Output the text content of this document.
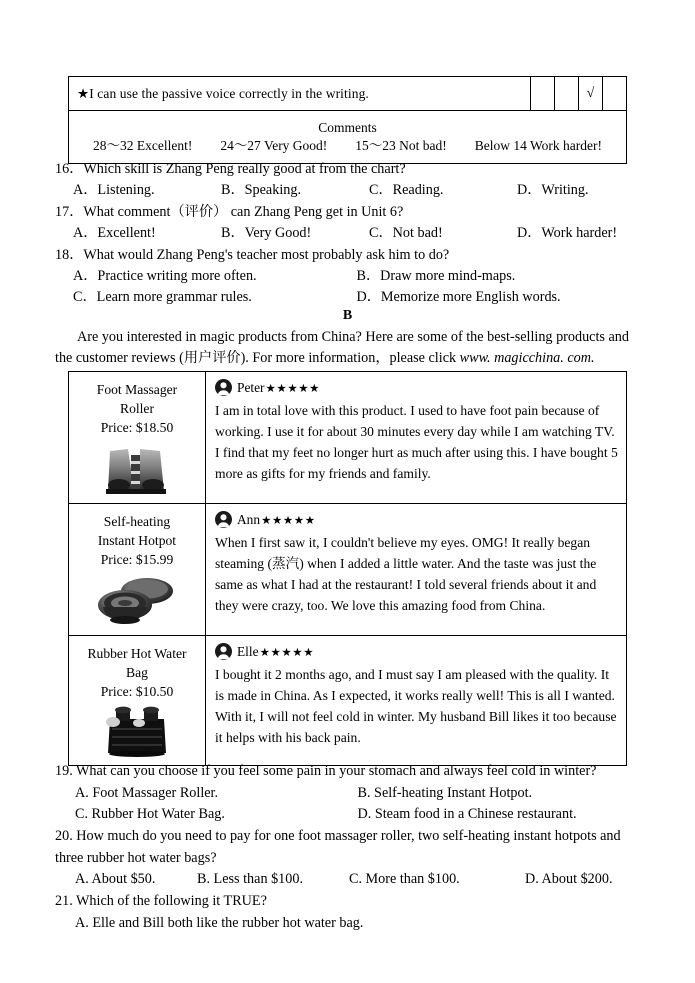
★I can use the passive voice correctly in the writing.			√

Comments
28～32 Excellent! 24～27 Very Good! 15～23 Not bad! Below 14 Work harder!
16．Which skill is Zhang Peng really good at from the chart?
A．Listening.	B．Speaking.	C．Reading.	D．Writing.
17．What comment（评价） can Zhang Peng get in Unit 6?
A．Excellent!	B．Very Good!	C．Not bad!	D．Work harder!
18．What would Zhang Peng's teacher most probably ask him to do?
A．Practice writing more often.	B．Draw more mind-maps.
C．Learn more grammar rules.	D．Memorize more English words.
B
Are you interested in magic products from China? Here are some of the best-selling products and the customer reviews (用户评价). For more information，please click www. magicchina. com.
Foot Massager
Roller
Price: $18.50

Peter ★★★★★
I am in total love with this product. I used to have foot pain because of working. I use it for about 30 minutes every day while I am watching TV. I find that my feet no longer hurt as much after using this. I have bought 5 more as gifts for my friends and family.

Self-heating
Instant Hotpot
Price: $15.99

Ann ★★★★★
When I first saw it, I couldn't believe my eyes. OMG! It really began steaming (蒸汽) when I added a little water. And the taste was just the same as what I had at the restaurant! I told several friends about it and they were crazy, too. We love this amazing food from China.

Rubber Hot Water
Bag
Price: $10.50

Elle ★★★★★
I bought it 2 months ago, and I must say I am pleased with the quality. It is made in China. As I expected, it works really well! This is all I wanted. With it, I will not feel cold in winter. My husband Bill likes it too because it helps with his back pain.
19. What can you choose if you feel some pain in your stomach and always feel cold in winter?
A. Foot Massager Roller.	B. Self-heating Instant Hotpot.
C. Rubber Hot Water Bag.	D. Steam food in a Chinese restaurant.
20. How much do you need to pay for one foot massager roller, two self-heating instant hotpots and three rubber hot water bags?
A. About $50.	B. Less than $100.	C. More than $100.	D. About $200.
21. Which of the following it TRUE?
A. Elle and Bill both like the rubber hot water bag.
